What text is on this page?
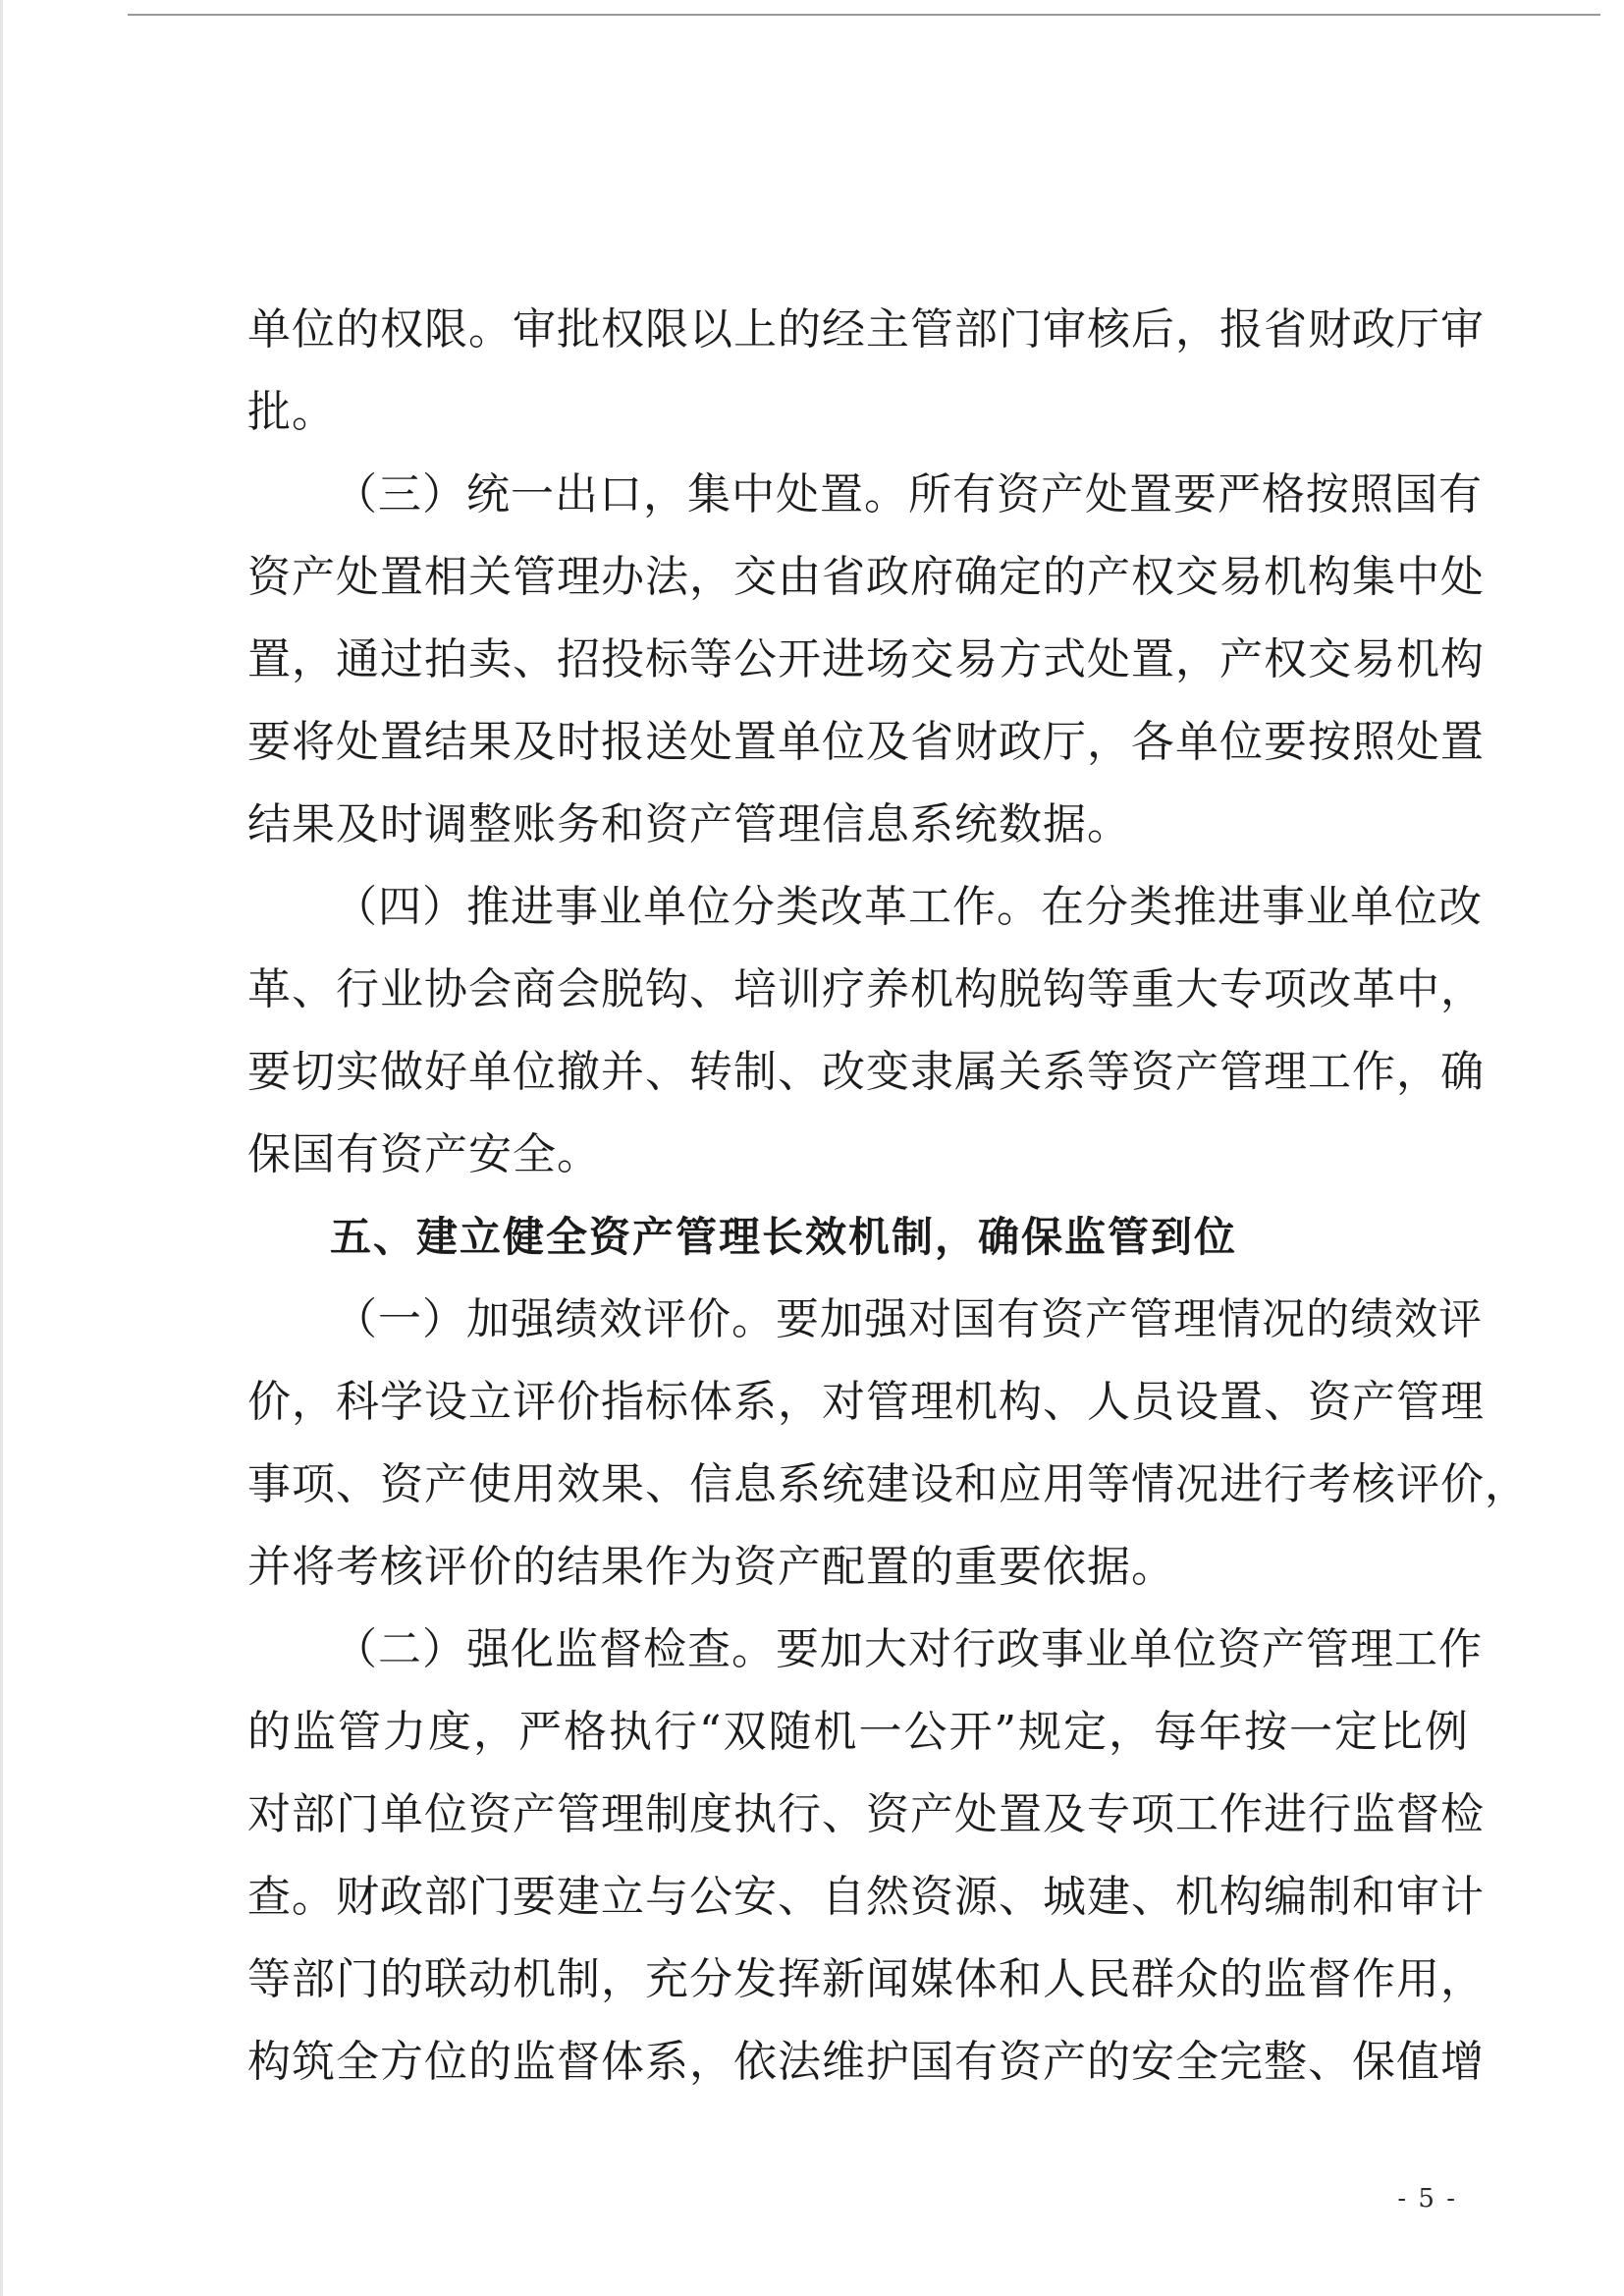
单位的权限。审批权限以上的经主管部门审核后，报省财政厅审
批。
（三）统一出口，集中处置。所有资产处置要严格按照国有
资产处置相关管理办法，交由省政府确定的产权交易机构集中处
置，通过拍卖、招投标等公开进场交易方式处置，产权交易机构
要将处置结果及时报送处置单位及省财政厅，各单位要按照处置
结果及时调整账务和资产管理信息系统数据。
（四）推进事业单位分类改革工作。在分类推进事业单位改
革、行业协会商会脱钩、培训疗养机构脱钩等重大专项改革中，
要切实做好单位撤并、转制、改变隶属关系等资产管理工作，确
保国有资产安全。
五、建立健全资产管理长效机制，确保监管到位
（一）加强绩效评价。要加强对国有资产管理情况的绩效评
价，科学设立评价指标体系，对管理机构、人员设置、资产管理
事项、资产使用效果、信息系统建设和应用等情况进行考核评价，
并将考核评价的结果作为资产配置的重要依据。
（二）强化监督检查。要加大对行政事业单位资产管理工作
的监管力度，严格执行“双随机一公开”规定，每年按一定比例
对部门单位资产管理制度执行、资产处置及专项工作进行监督检
查。财政部门要建立与公安、自然资源、城建、机构编制和审计
等部门的联动机制，充分发挥新闻媒体和人民群众的监督作用，
构筑全方位的监督体系，依法维护国有资产的安全完整、保值增
- 5 -
